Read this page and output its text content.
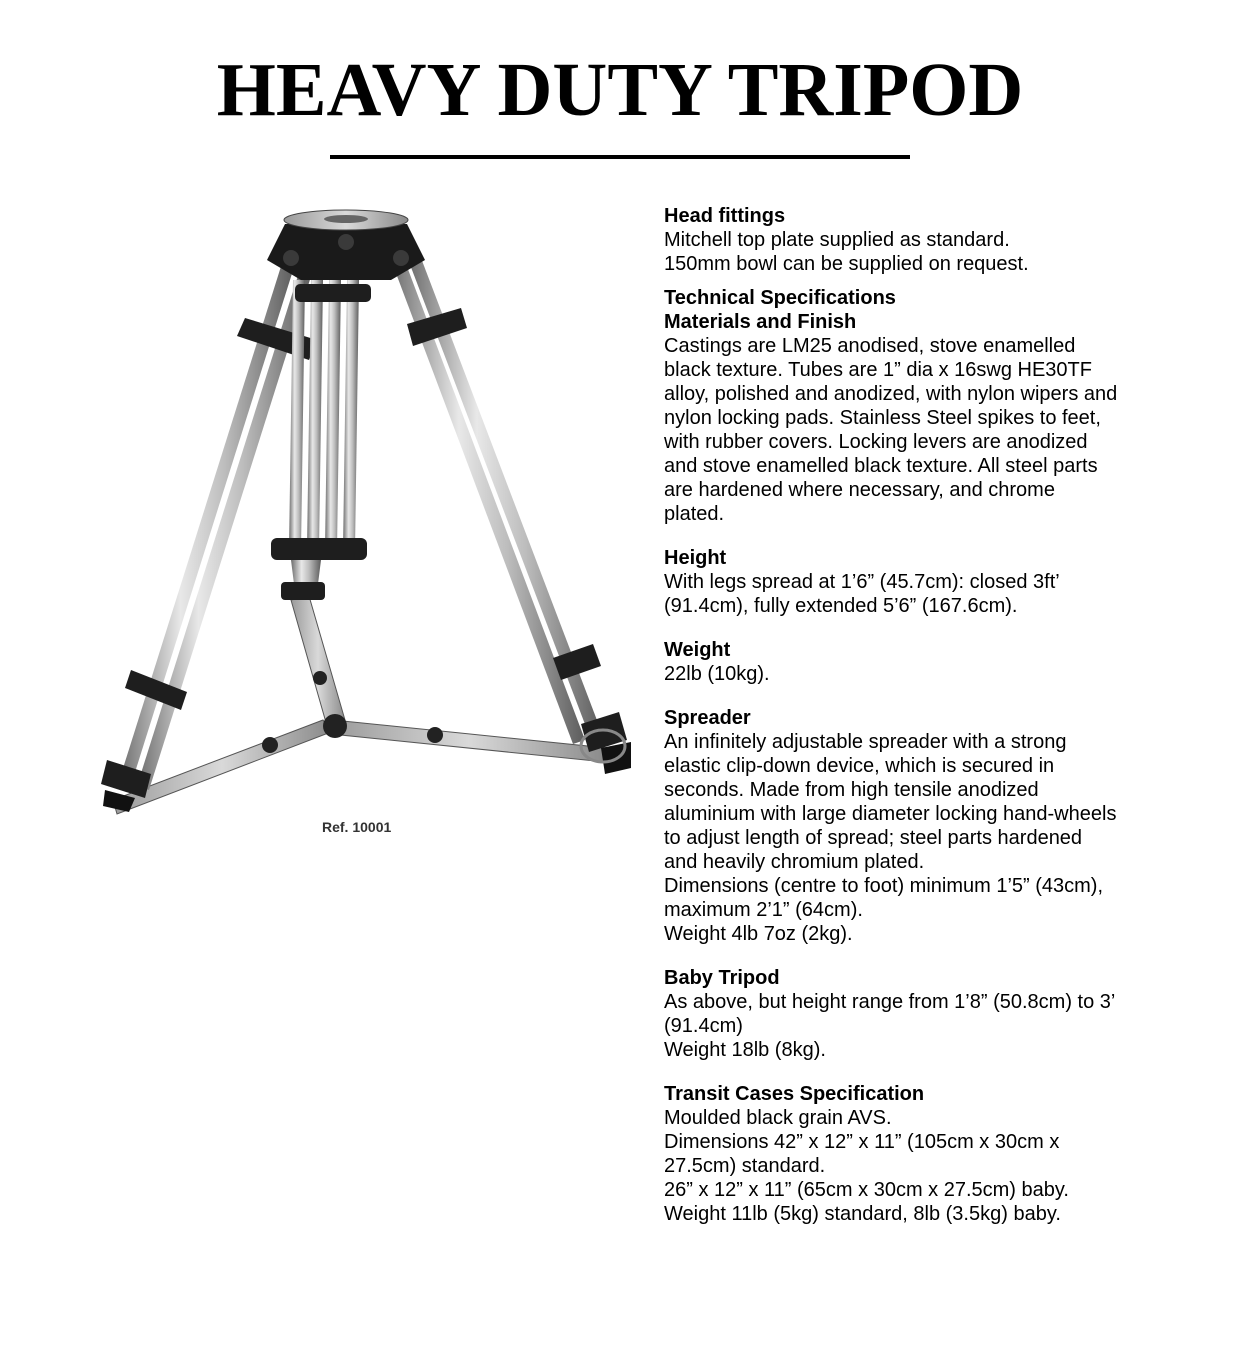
HEAVY DUTY TRIPOD
Ref. 10001
Head fittings
Mitchell top plate supplied as standard.
150mm bowl can be supplied on request.
Technical Specifications
Materials and Finish
Castings are LM25 anodised, stove enamelled
black texture. Tubes are 1” dia x 16swg HE30TF
alloy, polished and anodized, with nylon wipers and
nylon locking pads. Stainless Steel spikes to feet,
with rubber covers. Locking levers are anodized
and stove enamelled black texture. All steel parts
are hardened where necessary, and chrome
plated.
Height
With legs spread at 1’6” (45.7cm): closed 3ft’
(91.4cm), fully extended 5’6” (167.6cm).
Weight
22lb (10kg).
Spreader
An infinitely adjustable spreader with a strong
elastic clip-down device, which is secured in
seconds. Made from high tensile anodized
aluminium with large diameter locking hand-wheels
to adjust length of spread; steel parts hardened
and heavily chromium plated.
Dimensions (centre to foot) minimum 1’5” (43cm),
maximum 2’1” (64cm).
Weight 4lb 7oz (2kg).
Baby Tripod
As above, but height range from 1’8” (50.8cm) to 3’
(91.4cm)
Weight 18lb (8kg).
Transit Cases Specification
Moulded black grain AVS.
Dimensions 42” x 12” x 11” (105cm x 30cm x
27.5cm) standard.
26” x 12” x 11” (65cm x 30cm x 27.5cm) baby.
Weight 11lb (5kg) standard, 8lb (3.5kg) baby.
